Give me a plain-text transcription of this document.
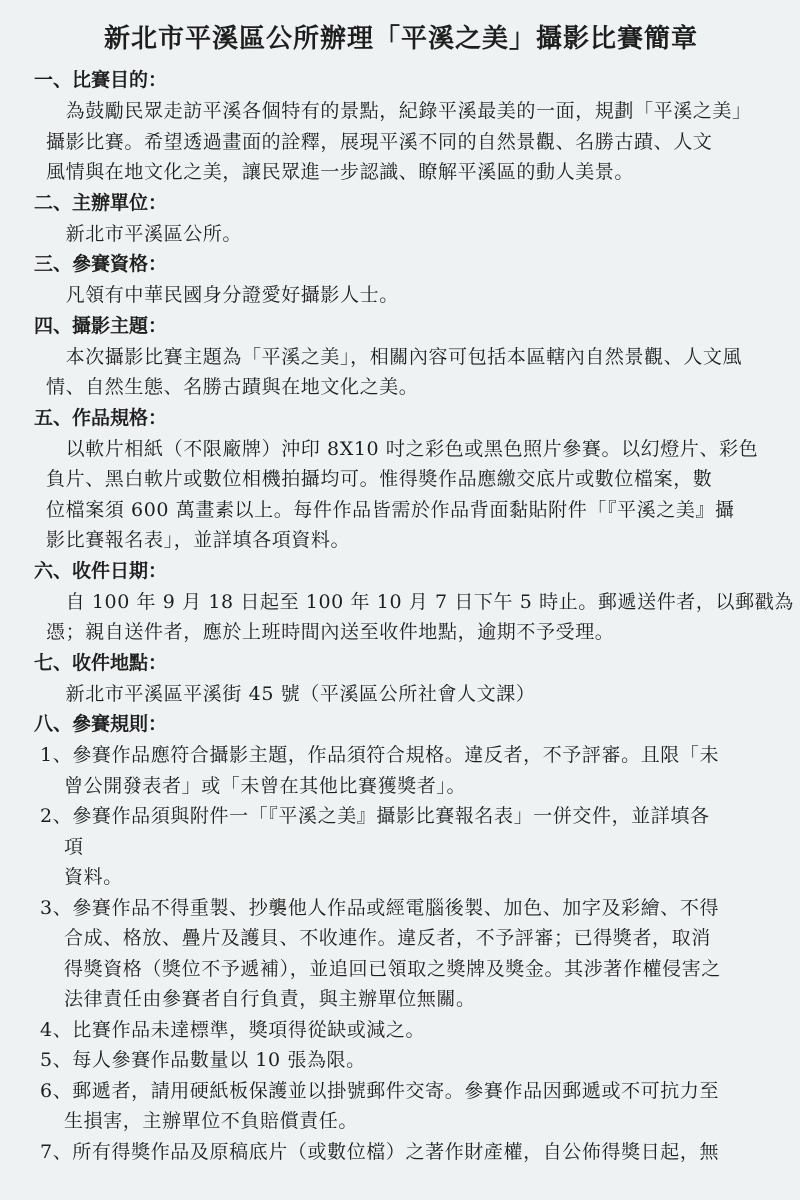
新北市平溪區公所辦理「平溪之美」攝影比賽簡章
一、比賽目的：
　為鼓勵民眾走訪平溪各個特有的景點，紀錄平溪最美的一面，規劃「平溪之美」
攝影比賽。希望透過畫面的詮釋，展現平溪不同的自然景觀、名勝古蹟、人文
風情與在地文化之美，讓民眾進一步認識、瞭解平溪區的動人美景。
二、主辦單位：
　新北市平溪區公所。
三、參賽資格：
　凡領有中華民國身分證愛好攝影人士。
四、攝影主題：
　本次攝影比賽主題為「平溪之美」，相關內容可包括本區轄內自然景觀、人文風
情、自然生態、名勝古蹟與在地文化之美。
五、作品規格：
　以軟片相紙（不限廠牌）沖印 8X10 吋之彩色或黑色照片參賽。以幻燈片、彩色
負片、黑白軟片或數位相機拍攝均可。惟得獎作品應繳交底片或數位檔案，數
位檔案須 600 萬畫素以上。每件作品皆需於作品背面黏貼附件「『平溪之美』攝
影比賽報名表」，並詳填各項資料。
六、收件日期：
　自 100 年 9 月 18 日起至 100 年 10 月 7 日下午 5 時止。郵遞送件者，以郵戳為
憑；親自送件者，應於上班時間內送至收件地點，逾期不予受理。
七、收件地點：
　新北市平溪區平溪街 45 號（平溪區公所社會人文課）
八、參賽規則：
1、參賽作品應符合攝影主題，作品須符合規格。違反者，不予評審。且限「未
曾公開發表者」或「未曾在其他比賽獲獎者」。
2、參賽作品須與附件一「『平溪之美』攝影比賽報名表」一併交件，並詳填各
項
資料。
3、參賽作品不得重製、抄襲他人作品或經電腦後製、加色、加字及彩繪、不得
合成、格放、疊片及護貝、不收連作。違反者，不予評審；已得獎者，取消
得獎資格（獎位不予遞補），並追回已領取之獎牌及獎金。其涉著作權侵害之
法律責任由參賽者自行負責，與主辦單位無關。
4、比賽作品未達標準，獎項得從缺或減之。
5、每人參賽作品數量以 10 張為限。
6、郵遞者，請用硬紙板保護並以掛號郵件交寄。參賽作品因郵遞或不可抗力至
生損害，主辦單位不負賠償責任。
7、所有得獎作品及原稿底片（或數位檔）之著作財產權，自公佈得獎日起，無
